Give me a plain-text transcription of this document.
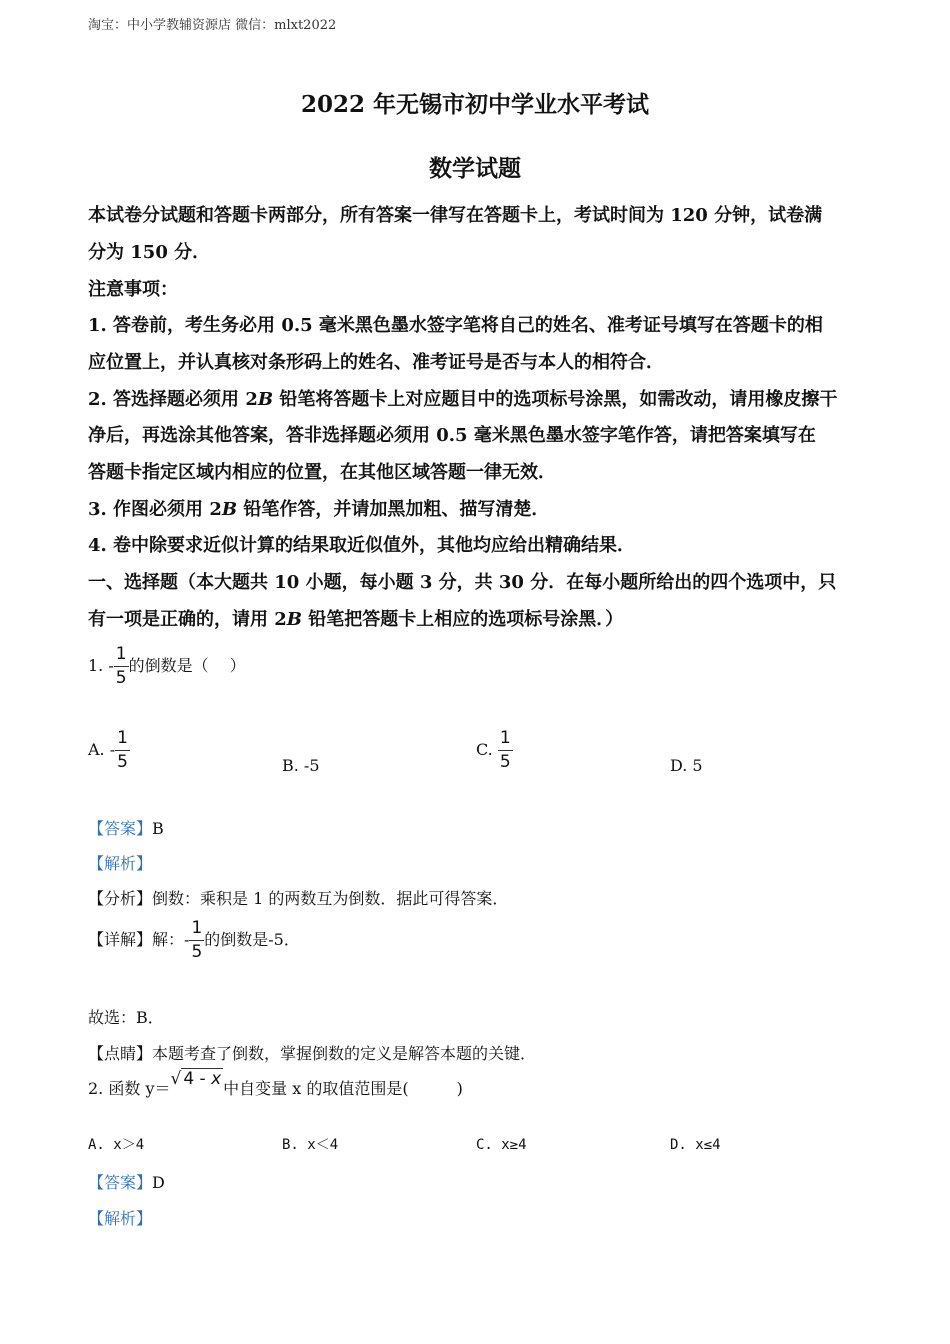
淘宝：中小学教辅资源店 微信：mlxt2022
2022 年无锡市初中学业水平考试
数学试题
本试卷分试题和答题卡两部分，所有答案一律写在答题卡上，考试时间为 120 分钟，试卷满
分为 150 分．
注意事项：
1. 答卷前，考生务必用 0.5 毫米黑色墨水签字笔将自己的姓名、准考证号填写在答题卡的相
应位置上，并认真核对条形码上的姓名、准考证号是否与本人的相符合．
2. 答选择题必须用 2B 铅笔将答题卡上对应题目中的选项标号涂黑，如需改动，请用橡皮擦干
净后，再选涂其他答案，答非选择题必须用 0.5 毫米黑色墨水签字笔作答，请把答案填写在
答题卡指定区域内相应的位置，在其他区域答题一律无效．
3. 作图必须用 2B 铅笔作答，并请加黑加粗、描写清楚．
4. 卷中除要求近似计算的结果取近似值外，其他均应给出精确结果．
一、选择题（本大题共 10 小题，每小题 3 分，共 30 分．在每小题所给出的四个选项中，只
有一项是正确的，请用 2B 铅笔把答题卡上相应的选项标号涂黑．）
1. - $\frac{1}{5}$ 的倒数是（　 ）
A. - $\frac{1}{5}$	B. -5
C. $\frac{1}{5}$	D. 5
【答案】B
【解析】
【分析】倒数：乘积是 1 的两数互为倒数．据此可得答案．
【详解】解：- $\frac{1}{5}$ 的倒数是-5．
故选：B．
【点睛】本题考查了倒数，掌握倒数的定义是解答本题的关键．
2. 函数 y＝√ 4 - x 中自变量 x 的取值范围是(　　　)
A. x＞4	B. x＜4	C. x≥4	D. x≤4
【答案】D
【解析】
